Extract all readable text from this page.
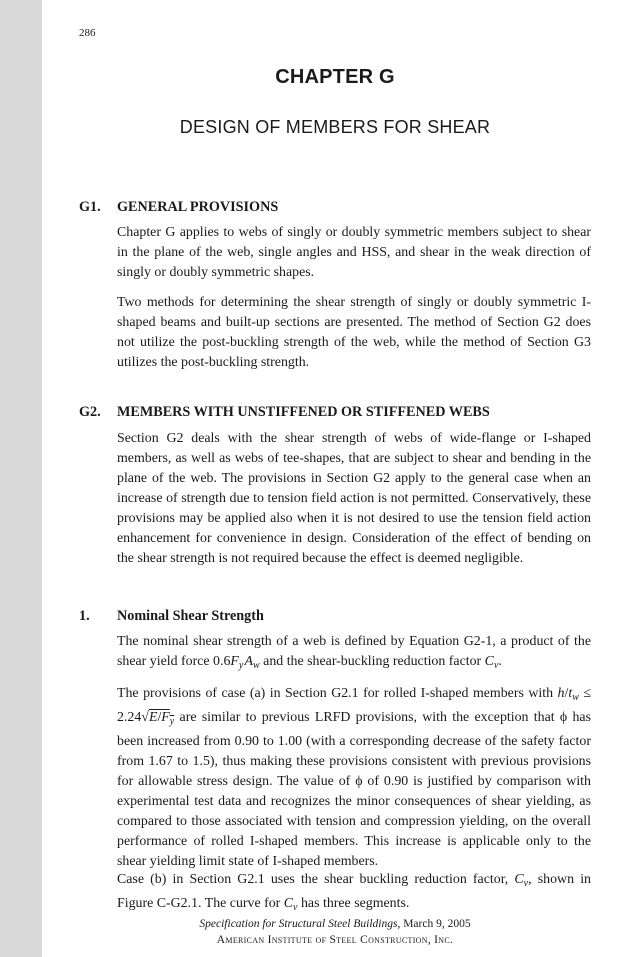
286
CHAPTER G
DESIGN OF MEMBERS FOR SHEAR
G1. GENERAL PROVISIONS

Chapter G applies to webs of singly or doubly symmetric members subject to shear in the plane of the web, single angles and HSS, and shear in the weak direction of singly or doubly symmetric shapes.

Two methods for determining the shear strength of singly or doubly symmetric I-shaped beams and built-up sections are presented. The method of Section G2 does not utilize the post-buckling strength of the web, while the method of Section G3 utilizes the post-buckling strength.

G2. MEMBERS WITH UNSTIFFENED OR STIFFENED WEBS

Section G2 deals with the shear strength of webs of wide-flange or I-shaped members, as well as webs of tee-shapes, that are subject to shear and bending in the plane of the web. The provisions in Section G2 apply to the general case when an increase of strength due to tension field action is not permitted. Conservatively, these provisions may be applied also when it is not desired to use the tension field action enhancement for convenience in design. Consideration of the effect of bending on the shear strength is not required because the effect is deemed negligible.

1. Nominal Shear Strength

The nominal shear strength of a web is defined by Equation G2-1, a product of the shear yield force $0.6F_y$ $A_w$ and the shear-buckling reduction factor $C_v$.

The provisions of case (a) in Section G2.1 for rolled I-shaped members with $h/t_w \le 2.24√E/F_y$ are similar to previous LRFD provisions, with the exception that ϕ has been increased from 0.90 to 1.00 (with a corresponding decrease of the safety factor from 1.67 to 1.5), thus making these provisions consistent with previous provisions for allowable stress design. The value of ϕ of 0.90 is justified by comparison with experimental test data and recognizes the minor consequences of shear yielding, as compared to those associated with tension and compression yielding, on the overall performance of rolled I-shaped members. This increase is applicable only to the shear yielding limit state of I-shaped members.

Case (b) in Section G2.1 uses the shear buckling reduction factor, $C_v$, shown in Figure C-G2.1. The curve for $C_v$ has three segments.

Specification for Structural Steel Buildings, March 9, 2005
American Institute of Steel Construction, Inc.
